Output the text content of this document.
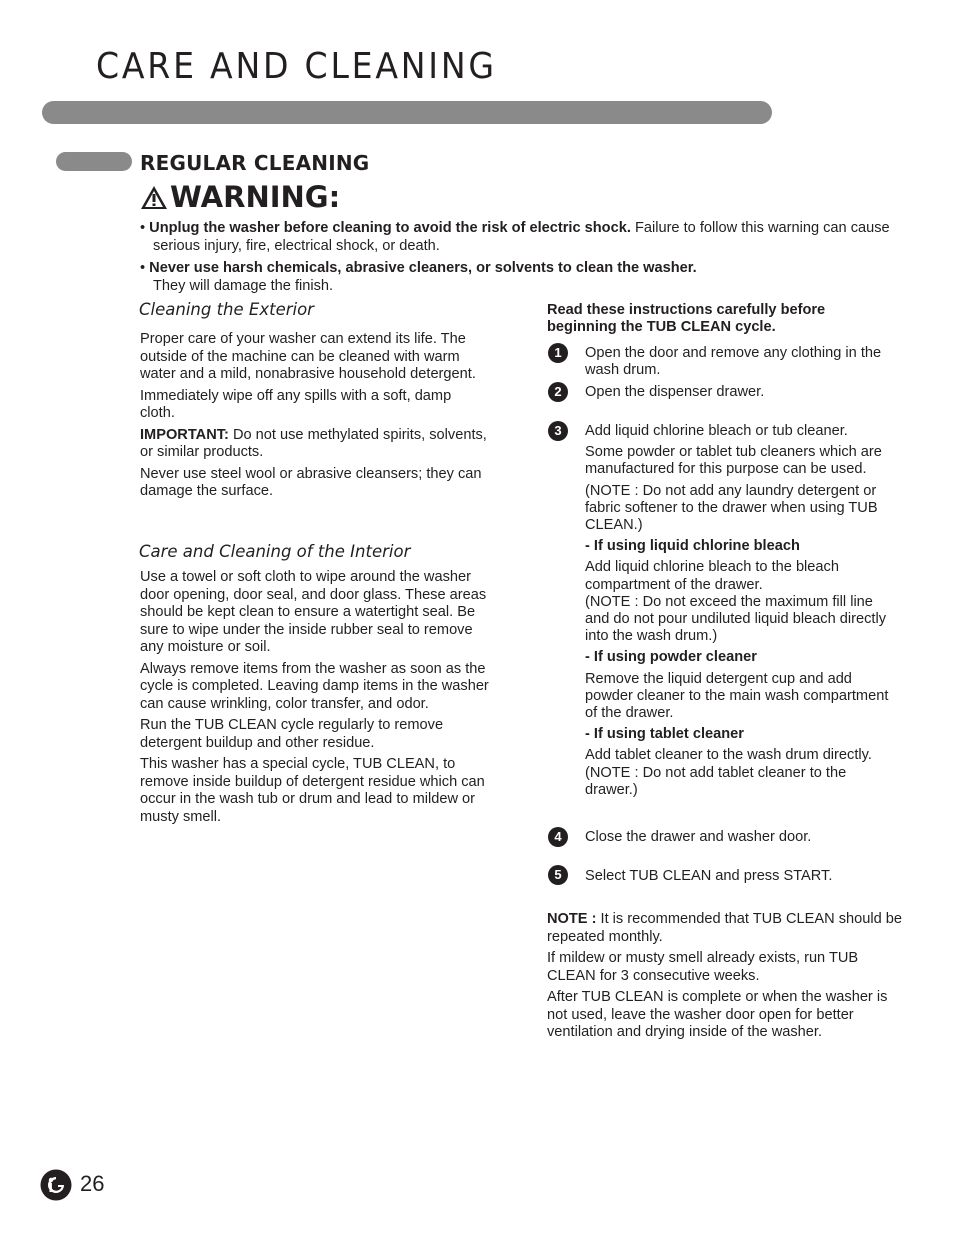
CARE AND CLEANING
REGULAR CLEANING
WARNING:

• Unplug the washer before cleaning to avoid the risk of electric shock. Failure to follow this warning can cause serious injury, fire, electrical shock, or death.

• Never use harsh chemicals, abrasive cleaners, or solvents to clean the washer.
They will damage the finish.

Cleaning the Exterior

Proper care of your washer can extend its life. The outside of the machine can be cleaned with warm water and a mild, nonabrasive household detergent.

Immediately wipe off any spills with a soft, damp cloth.

IMPORTANT: Do not use methylated spirits, solvents, or similar products.

Never use steel wool or abrasive cleansers; they can damage the surface.

Care and Cleaning of the Interior

Use a towel or soft cloth to wipe around the washer door opening, door seal, and door glass. These areas should be kept clean to ensure a watertight seal. Be sure to wipe under the inside rubber seal to remove any moisture or soil.

Always remove items from the washer as soon as the cycle is completed. Leaving damp items in the washer can cause wrinkling, color transfer, and odor.

Run the TUB CLEAN cycle regularly to remove detergent buildup and other residue.

This washer has a special cycle, TUB CLEAN, to remove inside buildup of detergent residue which can occur in the wash tub or drum and lead to mildew or musty smell.

Read these instructions carefully before beginning the TUB CLEAN cycle.
1	Open the door and remove any clothing in the wash drum.

2	Open the dispenser drawer.

3	Add liquid chlorine bleach or tub cleaner.

Some powder or tablet tub cleaners which are manufactured for this purpose can be used.

(NOTE : Do not add any laundry detergent or fabric softener to the drawer when using TUB CLEAN.)

- If using liquid chlorine bleach

Add liquid chlorine bleach to the bleach compartment of the drawer.

(NOTE : Do not exceed the maximum fill line and do not pour undiluted liquid bleach directly into the wash drum.)

- If using powder cleaner

Remove the liquid detergent cup and add powder cleaner to the main wash compartment of the drawer.

- If using tablet cleaner

Add tablet cleaner to the wash drum directly.

(NOTE : Do not add tablet cleaner to the drawer.)

4	Close the drawer and washer door.

5	Select TUB CLEAN and press START.

NOTE : It is recommended that TUB CLEAN should be repeated monthly.

If mildew or musty smell already exists, run TUB CLEAN for 3 consecutive weeks.

After TUB CLEAN is complete or when the washer is not used, leave the washer door open for better ventilation and drying inside of the washer.

26
